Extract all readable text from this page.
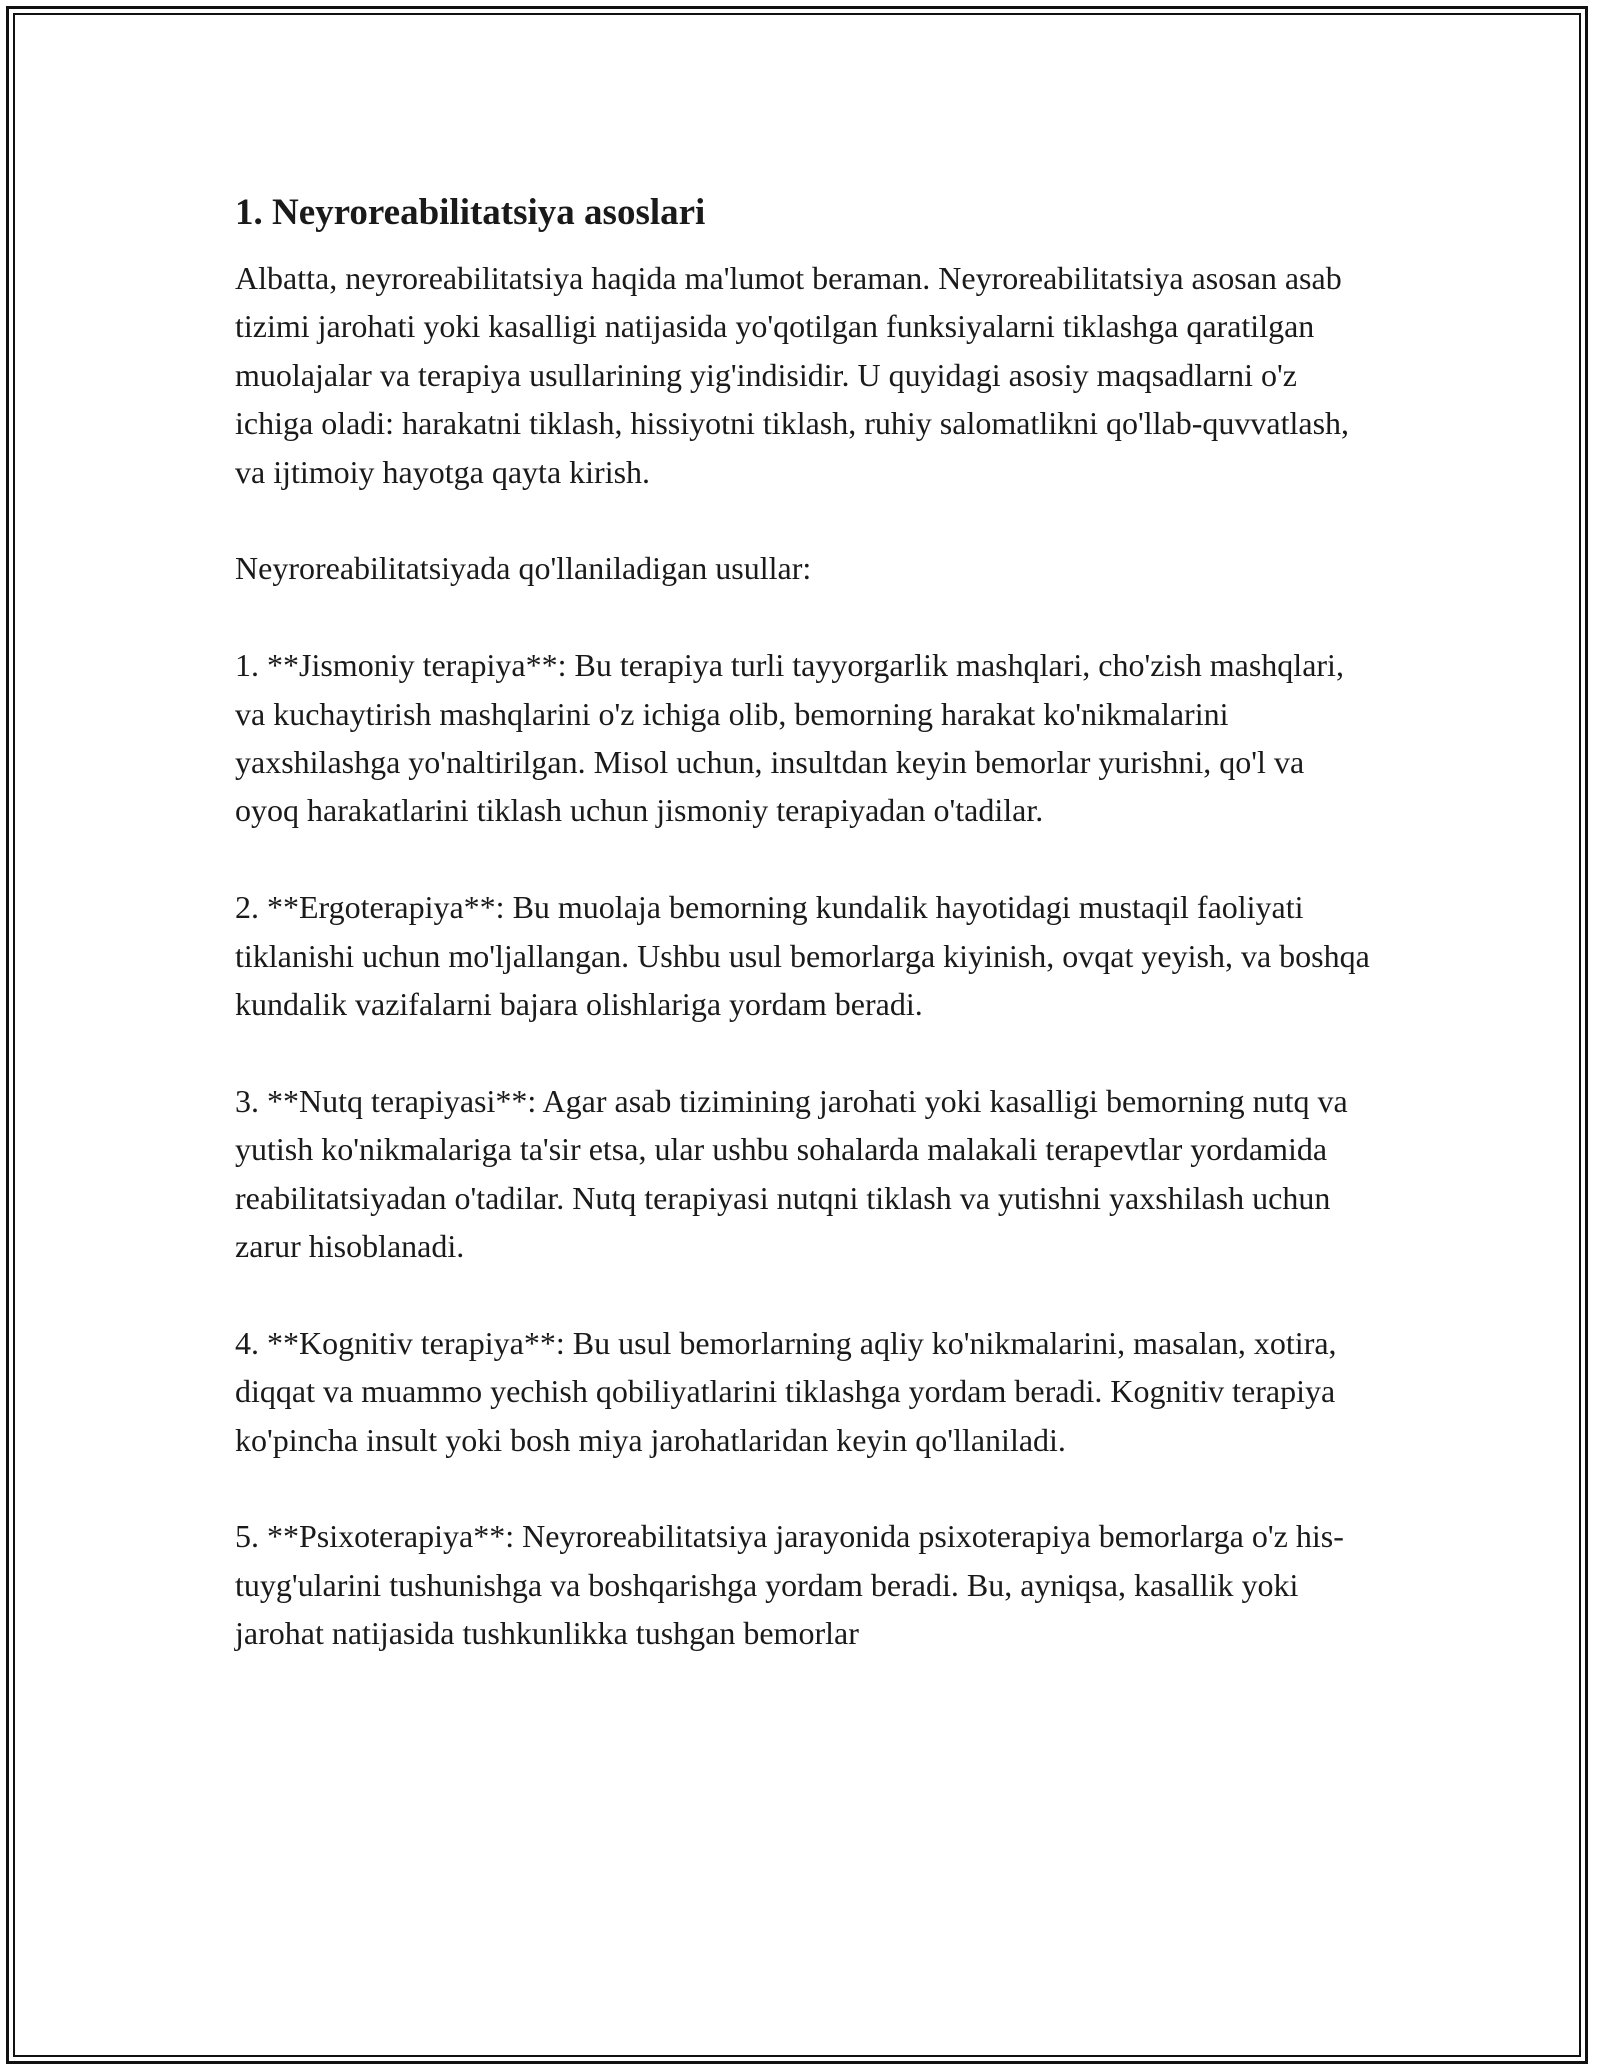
1. Neyroreabilitatsiya asoslari

Albatta, neyroreabilitatsiya haqida ma'lumot beraman. Neyroreabilitatsiya asosan asab tizimi jarohati yoki kasalligi natijasida yo'qotilgan funksiyalarni tiklashga qaratilgan muolajalar va terapiya usullarining yig'indisidir. U quyidagi asosiy maqsadlarni o'z ichiga oladi: harakatni tiklash, hissiyotni tiklash, ruhiy salomatlikni qo'llab-quvvatlash, va ijtimoiy hayotga qayta kirish.

Neyroreabilitatsiyada qo'llaniladigan usullar:

1. **Jismoniy terapiya**: Bu terapiya turli tayyorgarlik mashqlari, cho'zish mashqlari, va kuchaytirish mashqlarini o'z ichiga olib, bemorning harakat ko'nikmalarini yaxshilashga yo'naltirilgan. Misol uchun, insultdan keyin bemorlar yurishni, qo'l va oyoq harakatlarini tiklash uchun jismoniy terapiyadan o'tadilar.

2. **Ergoterapiya**: Bu muolaja bemorning kundalik hayotidagi mustaqil faoliyati tiklanishi uchun mo'ljallangan. Ushbu usul bemorlarga kiyinish, ovqat yeyish, va boshqa kundalik vazifalarni bajara olishlariga yordam beradi.

3. **Nutq terapiyasi**: Agar asab tizimining jarohati yoki kasalligi bemorning nutq va yutish ko'nikmalariga ta'sir etsa, ular ushbu sohalarda malakali terapevtlar yordamida reabilitatsiyadan o'tadilar. Nutq terapiyasi nutqni tiklash va yutishni yaxshilash uchun zarur hisoblanadi.

4. **Kognitiv terapiya**: Bu usul bemorlarning aqliy ko'nikmalarini, masalan, xotira, diqqat va muammo yechish qobiliyatlarini tiklashga yordam beradi. Kognitiv terapiya ko'pincha insult yoki bosh miya jarohatlaridan keyin qo'llaniladi.

5. **Psixoterapiya**: Neyroreabilitatsiya jarayonida psixoterapiya bemorlarga o'z his-tuyg'ularini tushunishga va boshqarishga yordam beradi. Bu, ayniqsa, kasallik yoki jarohat natijasida tushkunlikka tushgan bemorlar
